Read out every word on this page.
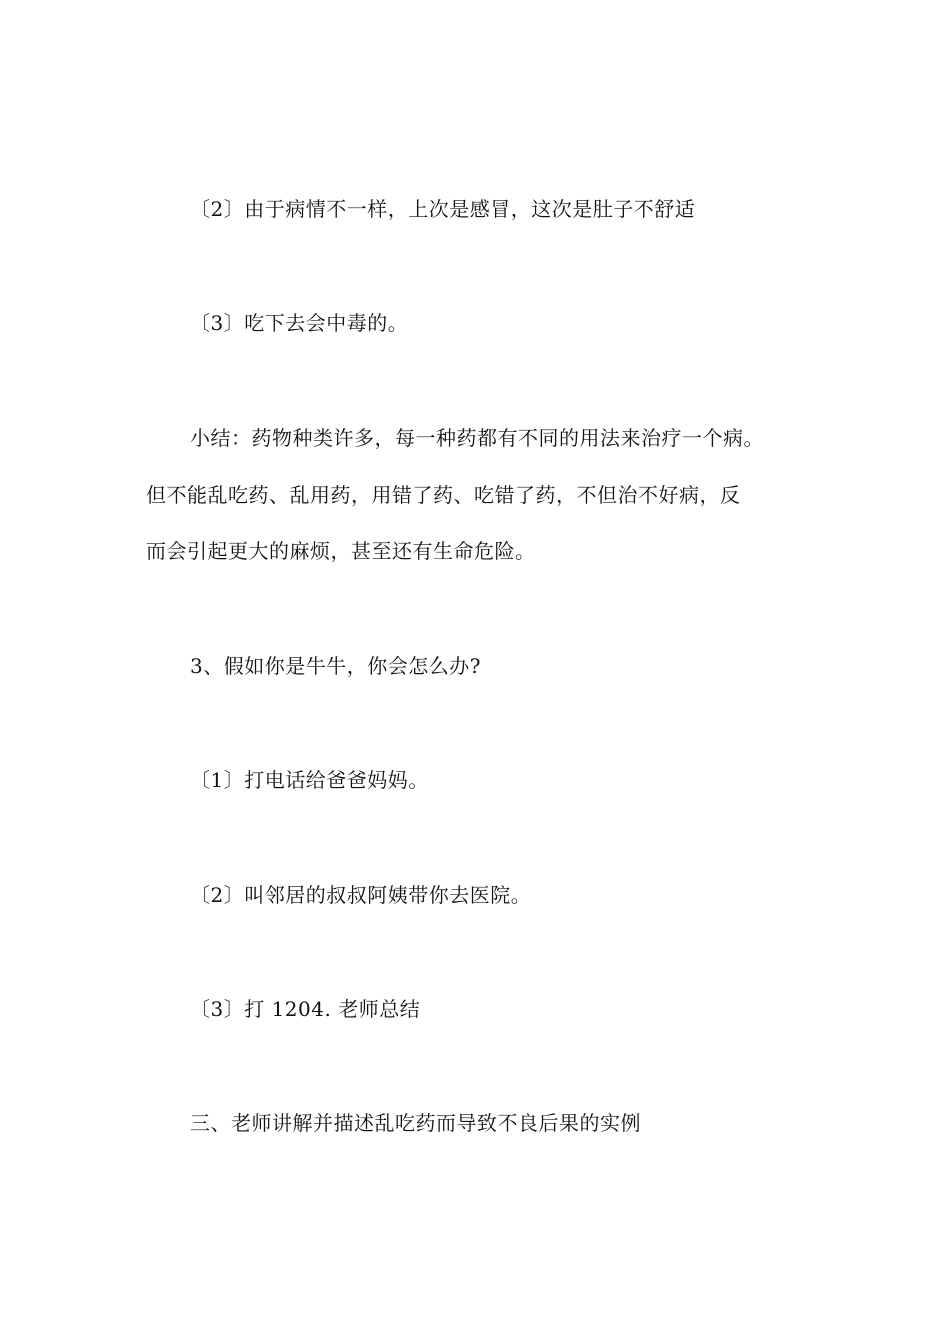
〔2〕由于病情不一样，上次是感冒，这次是肚子不舒适
〔3〕吃下去会中毒的。
小结：药物种类许多，每一种药都有不同的用法来治疗一个病。
但不能乱吃药、乱用药，用错了药、吃错了药，不但治不好病，反
而会引起更大的麻烦，甚至还有生命危险。
3、假如你是牛牛，你会怎么办?
〔1〕打电话给爸爸妈妈。
〔2〕叫邻居的叔叔阿姨带你去医院。
〔3〕打 1204. 老师总结
三、老师讲解并描述乱吃药而导致不良后果的实例
